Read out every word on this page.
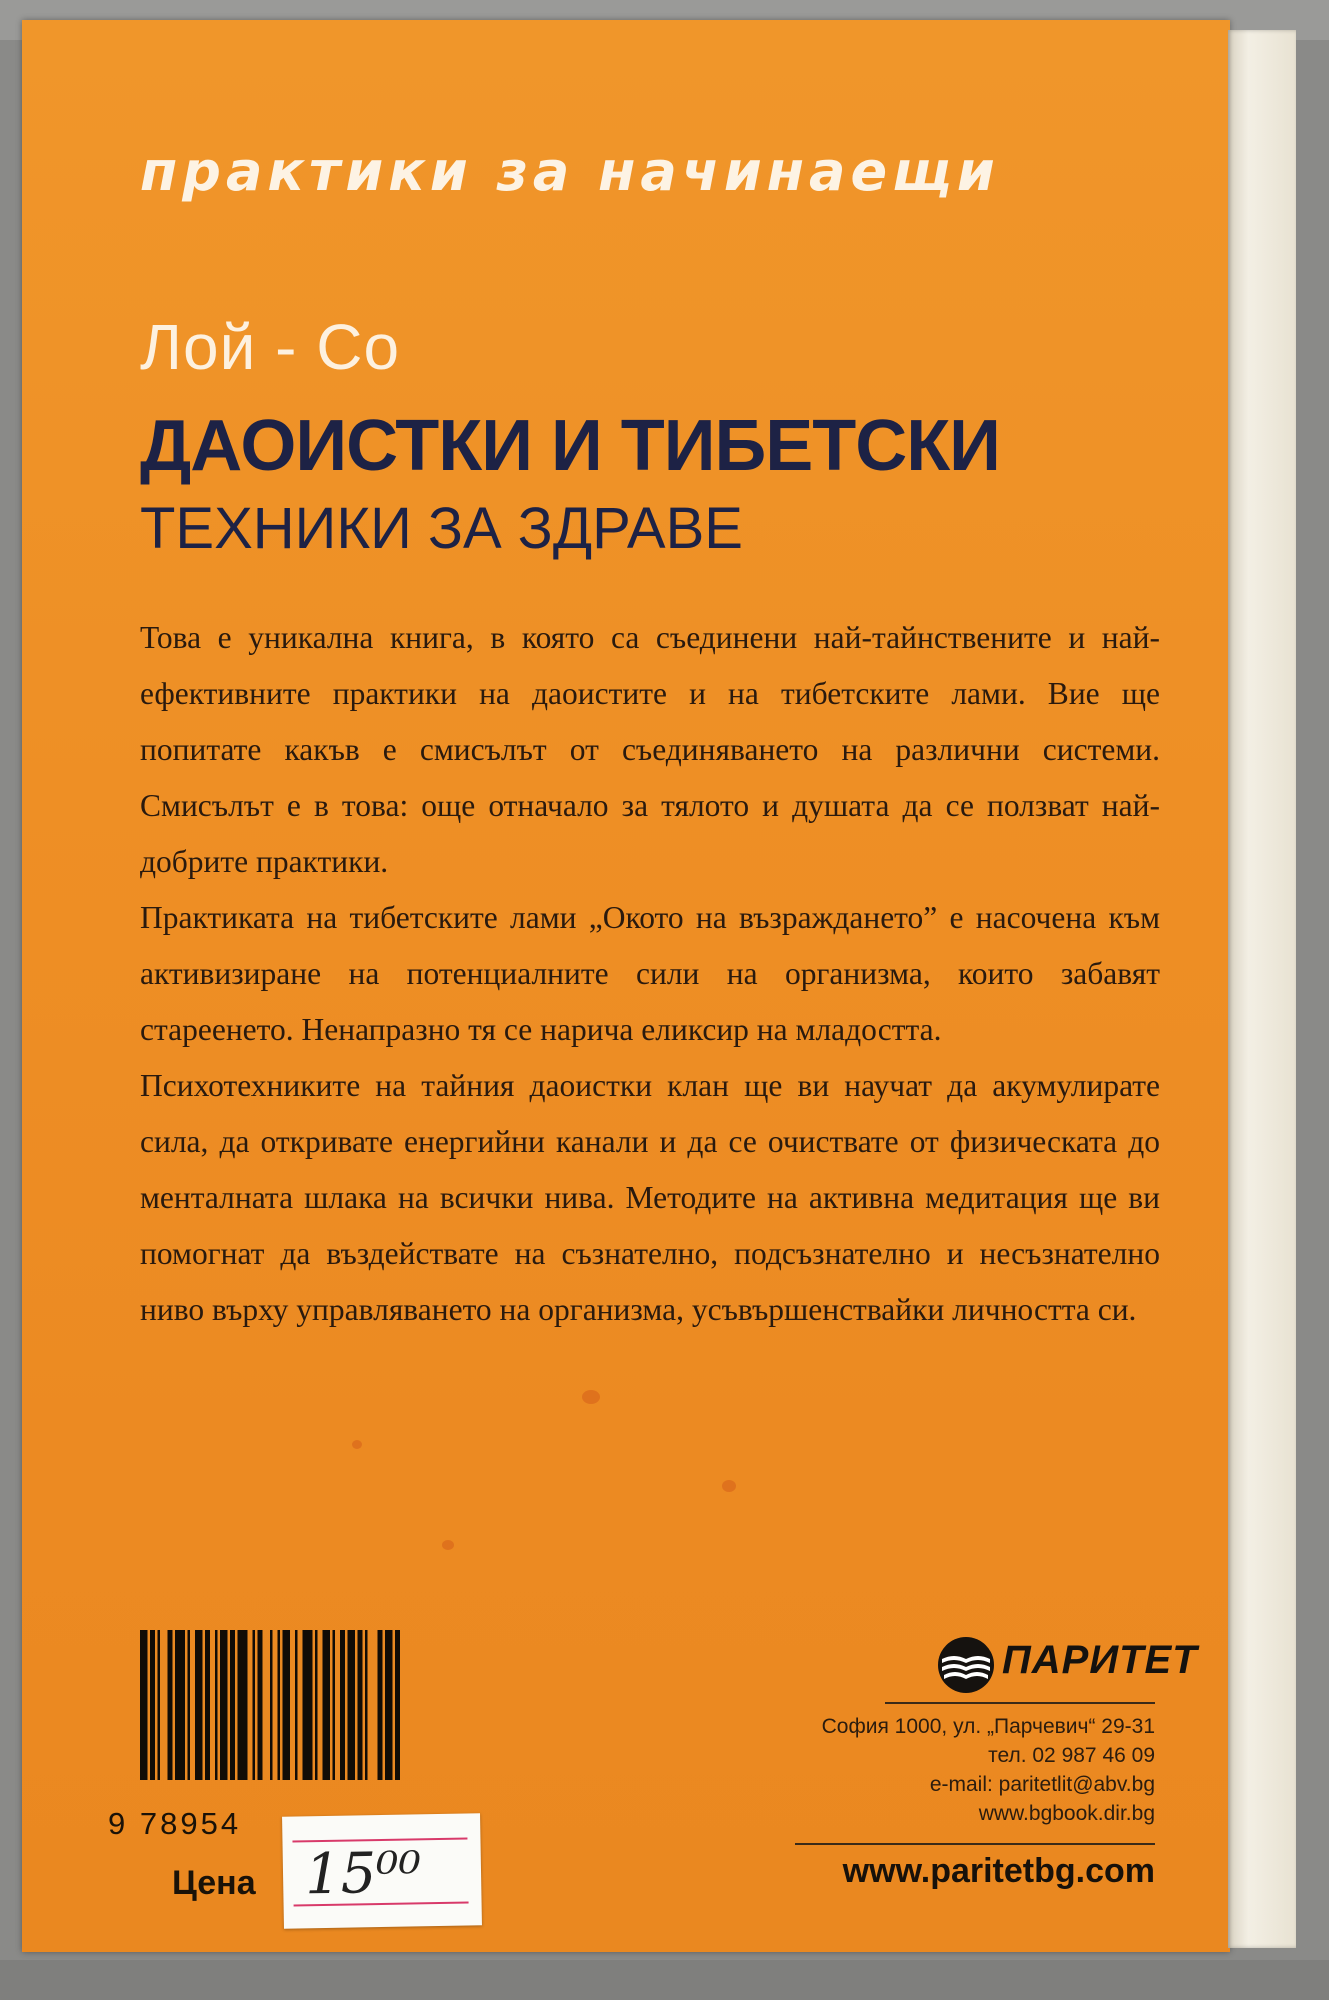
практики за начинаещи
Лой - Со
ДАОИСТКИ И ТИБЕТСКИ
ТЕХНИКИ ЗА ЗДРАВЕ

Това е уникална книга, в която са съединени най-тайнствените и най-ефективните практики на даоистите и на тибетските лами. Вие ще попитате какъв е смисълът от съединяването на различни системи. Смисълът е в това: още отначало за тялото и душата да се ползват най-добрите практики.

Практиката на тибетските лами „Окото на възраждането” е насочена към активизиране на потенциалните сили на организма, които забавят стареенето. Ненапразно тя се нарича еликсир на младостта.

Психотехниките на тайния даоистки клан ще ви научат да акумулирате сила, да откривате енергийни канали и да се очиствате от физическата до менталната шлака на всички нива. Методите на активна медитация ще ви помогнат да въздействате на съзнателно, подсъзнателно и несъзнателно ниво върху управляването на организма, усъвършенствайки личността си.

9 78954
Цена 15⁰⁰
ПАРИТЕТ
София 1000, ул. „Парчевич“ 29-31
тел. 02 987 46 09
e-mail: paritetlit@abv.bg
www.bgbook.dir.bg
www.paritetbg.com
